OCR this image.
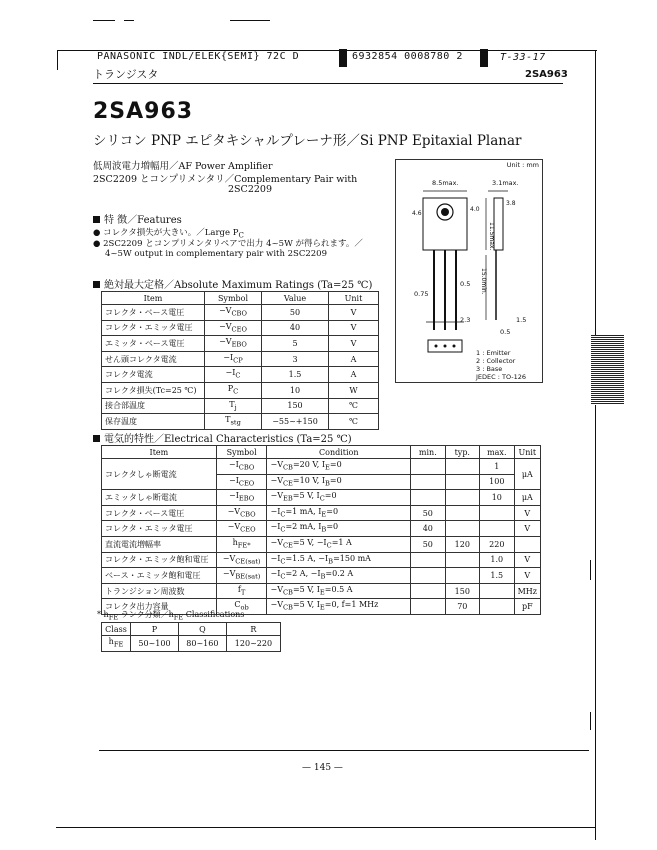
PANASONIC INDL/ELEK{SEMI} 72C D	6932854 0008780 2	T-33-17
トランジスタ	2SA963
2SA963
シリコン PNP エピタキシャルプレーナ形／Si PNP Epitaxial Planar
低周波電力増幅用／AF Power Amplifier
2SC2209 とコンプリメンタリ／Complementary Pair with
2SC2209
特 徴／Features
● コレクタ損失が大きい。／Large $P_C$
● 2SC2209 とコンプリメンタリペアで出力 4~5W が得られます。／
4~5W output in complementary pair with 2SC2209
絶対最大定格／Absolute Maximum Ratings (Ta=25 ℃)
Item	Symbol	Value	Unit
コレクタ・ベース電圧	$-V_{CBO}$	50	V
コレクタ・エミッタ電圧	$-V_{CEO}$	40	V
エミッタ・ベース電圧	$-V_{EBO}$	5	V
せん頭コレクタ電流	$-I_{CP}$	3	A
コレクタ電流	$-I_C$	1.5	A
コレクタ損失(Tc=25 ℃)	$P_C$	10	W
接合部温度	$T_j$	150	℃
保存温度	$T_{stg}$	−55~+150	℃
Unit : mm
8.5max.	3.1max.
4.0
3.8
11.5max.
15.0min.
4.6
0.75
0.5
2.3	1.5
0.5
1 : Emitter
2 : Collector
3 : Base
JEDEC : TO-126
電気的特性／Electrical Characteristics (Ta=25 ℃)
Item	Symbol	Condition	min.	typ.	max.	Unit
コレクタしゃ断電流	$-I_{CBO}$	$-V_{CB}=20$ V, $I_E=0$			1	μA
	$-I_{CEO}$	$-V_{CE}=10$ V, $I_B=0$			100	
エミッタしゃ断電流	$-I_{EBO}$	$-V_{EB}=5$ V, $I_C=0$			10	μA
コレクタ・ベース電圧	$-V_{CBO}$	$-I_C=1$ mA, $I_E=0$	50			V
コレクタ・エミッタ電圧	$-V_{CEO}$	$-I_C=2$ mA, $I_B=0$	40			V
直流電流増幅率	$h_{FE*}$	$-V_{CE}=5$ V, $-I_C=1$ A	50	120	220	
コレクタ・エミッタ飽和電圧	$-V_{CE(sat)}$	$-I_C=1.5$ A, $-I_B=150$ mA			1.0	V
ベース・エミッタ飽和電圧	$-V_{BE(sat)}$	$-I_C=2$ A, $-I_B=0.2$ A			1.5	V
トランジション周波数	$f_T$	$-V_{CB}=5$ V, $I_E=0.5$ A		150		MHz
コレクタ出力容量	$C_{ob}$	$-V_{CB}=5$ V, $I_E=0$, f=1 MHz		70		pF
* $h_{FE}$ ランク分類$/h_{FE}$ Classifications
Class	P	Q	R
$h_{FE}$	50~100	80~160	120~220
— 145 —
